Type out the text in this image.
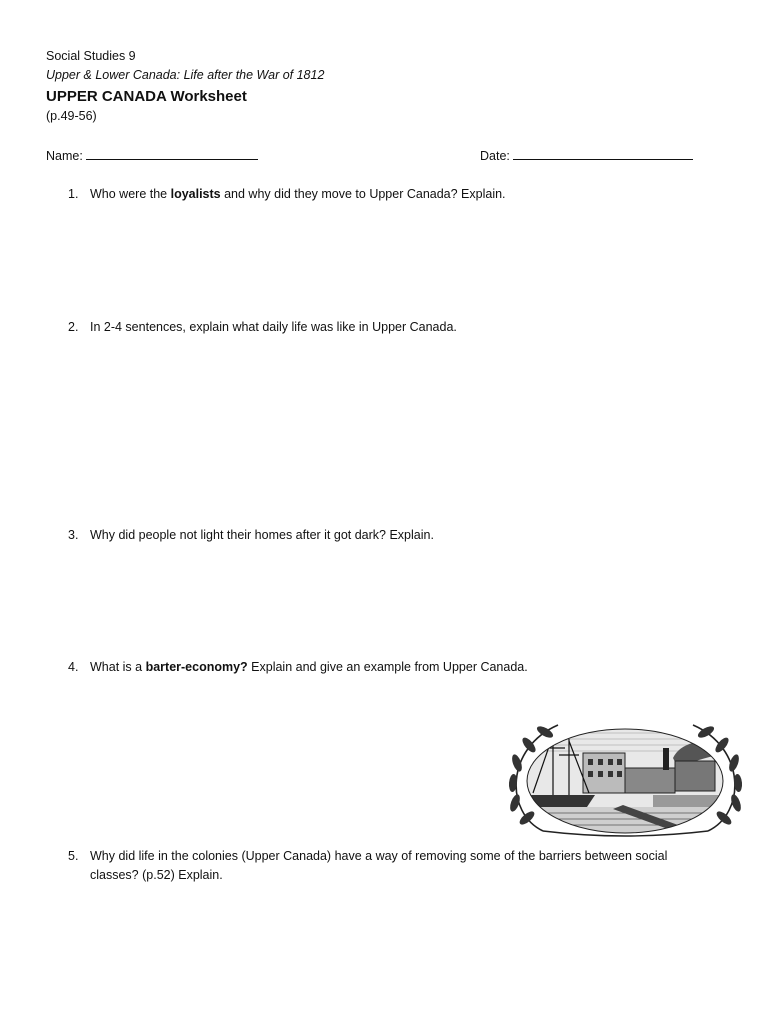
Social Studies 9
Upper & Lower Canada: Life after the War of 1812
UPPER CANADA Worksheet
(p.49-56)
Name:	Date:
1. Who were the loyalists and why did they move to Upper Canada? Explain.
2. In 2-4 sentences, explain what daily life was like in Upper Canada.
3. Why did people not light their homes after it got dark? Explain.
4. What is a barter-economy? Explain and give an example from Upper Canada.
5. Why did life in the colonies (Upper Canada) have a way of removing some of the barriers between social classes? (p.52) Explain.
